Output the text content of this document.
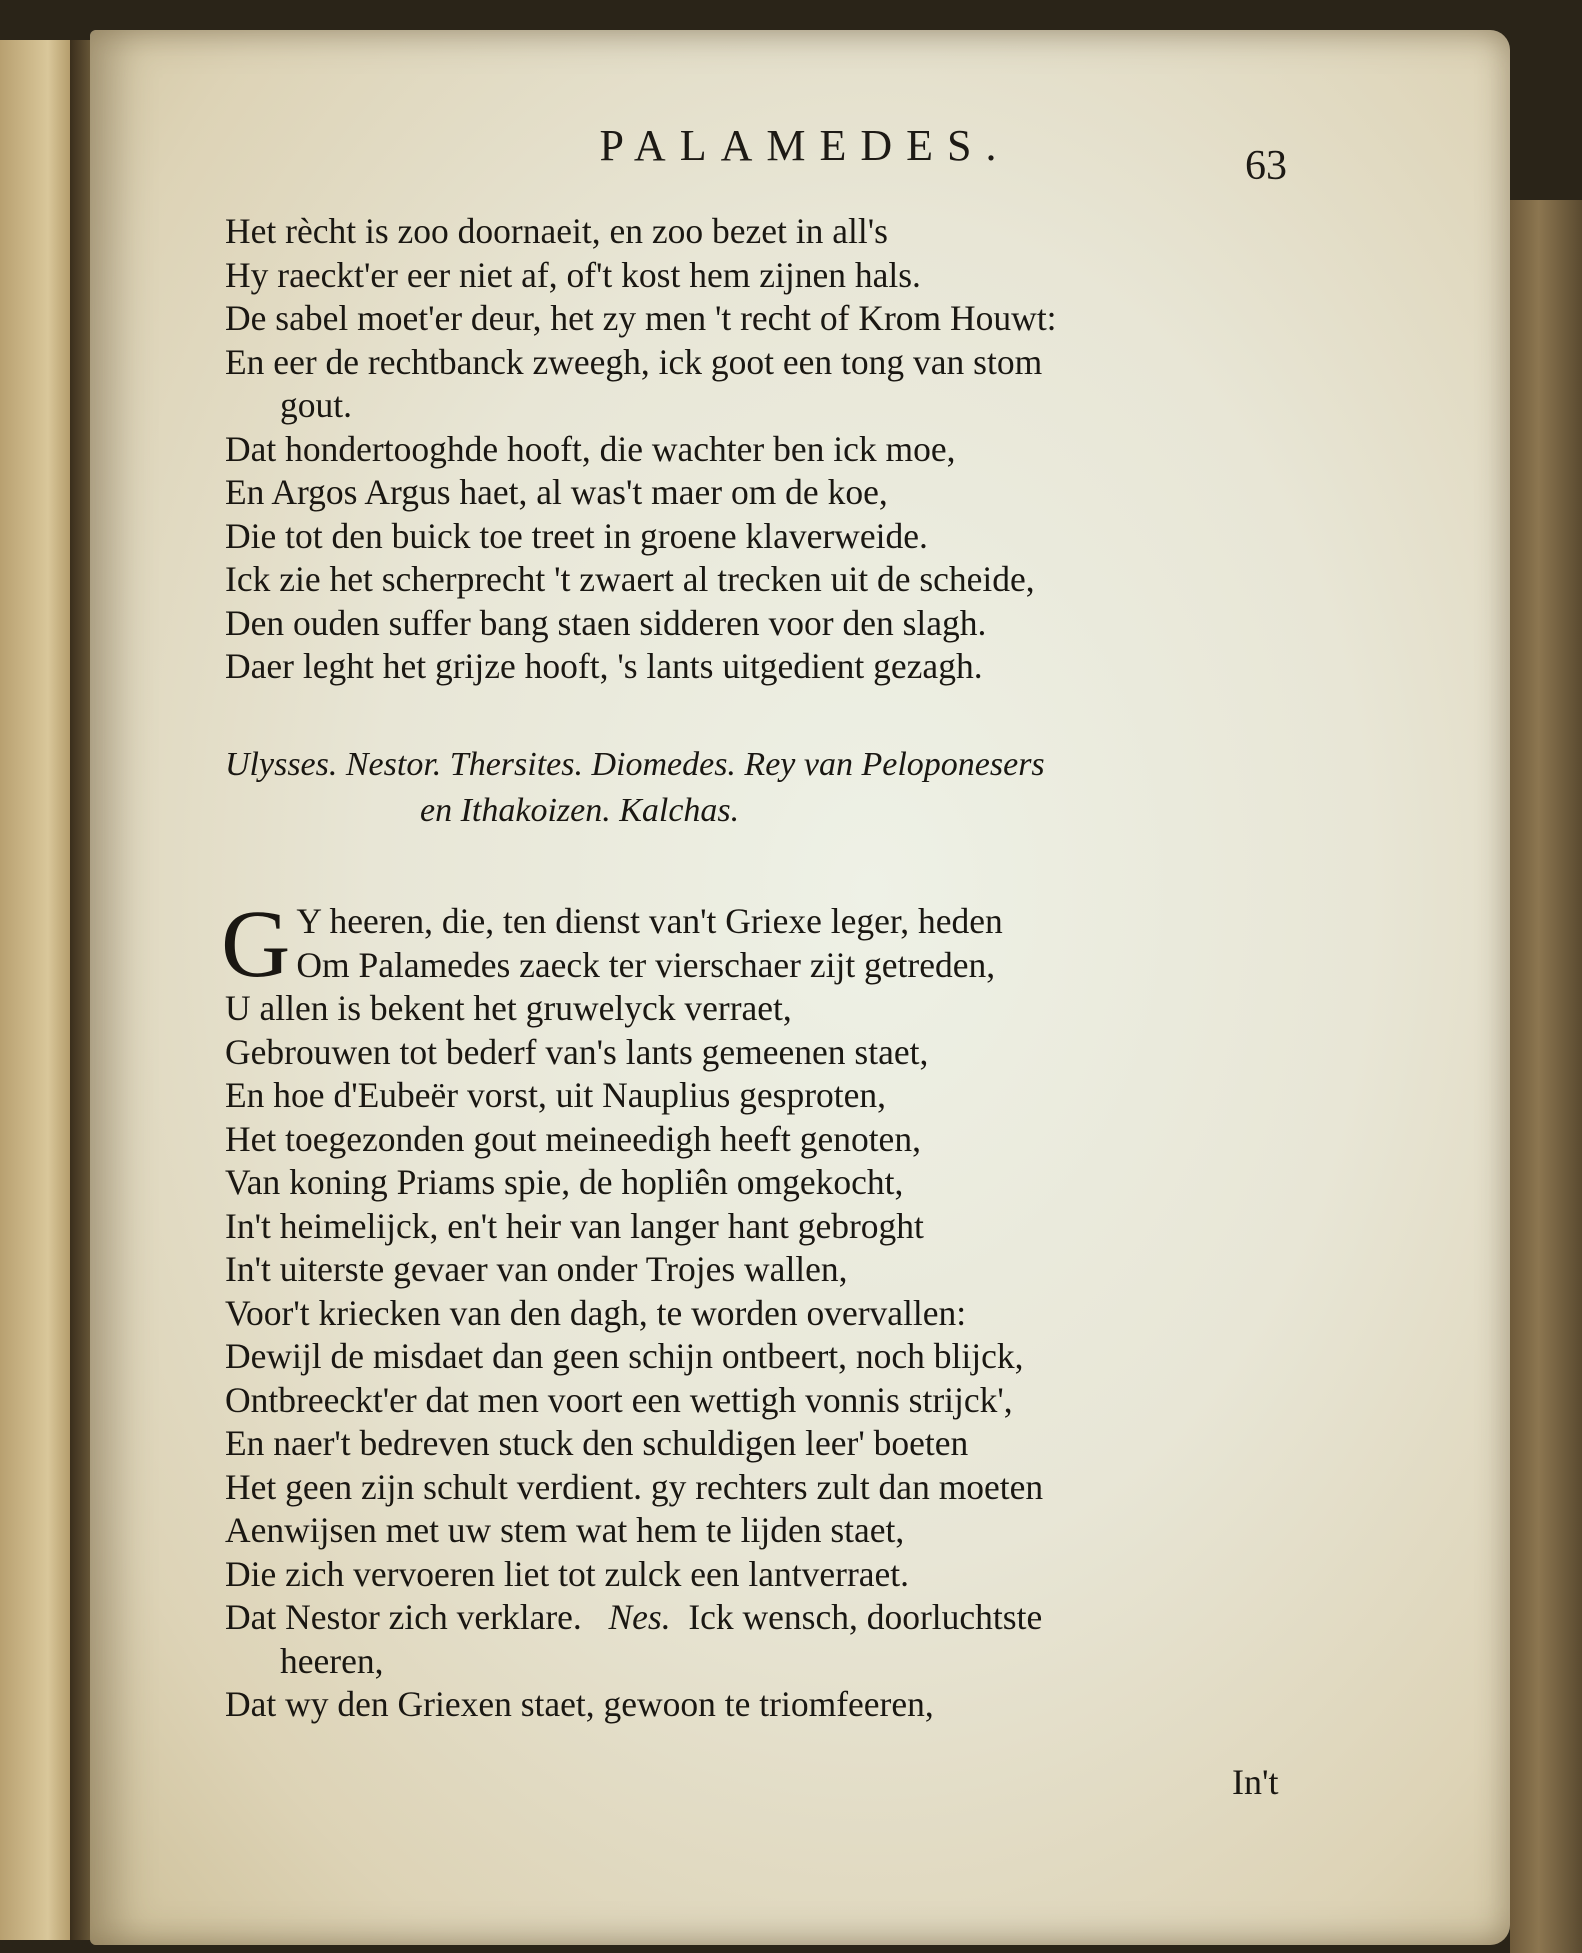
PALAMEDES.	63
Het rècht is zoo doornaeit, en zoo bezet in all's
Hy raeckt'er eer niet af, of't kost hem zijnen hals.
De sabel moet'er deur, het zy men 't recht of Krom Houwt:
En eer de rechtbanck zweegh, ick goot een tong van stom
gout.
Dat hondertooghde hooft, die wachter ben ick moe,
En Argos Argus haet, al was't maer om de koe,
Die tot den buick toe treet in groene klaverweide.
Ick zie het scherprecht 't zwaert al trecken uit de scheide,
Den ouden suffer bang staen sidderen voor den slagh.
Daer leght het grijze hooft, 's lants uitgedient gezagh.
Ulysses. Nestor. Thersites. Diomedes. Rey van Peloponesers
en Ithakoizen. Kalchas.
G Y heeren, die, ten dienst van't Griexe leger, heden
Om Palamedes zaeck ter vierschaer zijt getreden,
U allen is bekent het gruwelyck verraet,
Gebrouwen tot bederf van's lants gemeenen staet,
En hoe d'Eubeër vorst, uit Nauplius gesproten,
Het toegezonden gout meineedigh heeft genoten,
Van koning Priams spie, de hopliên omgekocht,
In't heimelijck, en't heir van langer hant gebroght
In't uiterste gevaer van onder Trojes wallen,
Voor't kriecken van den dagh, te worden overvallen:
Dewijl de misdaet dan geen schijn ontbeert, noch blijck,
Ontbreeckt'er dat men voort een wettigh vonnis strijck',
En naer't bedreven stuck den schuldigen leer' boeten
Het geen zijn schult verdient. gy rechters zult dan moeten
Aenwijsen met uw stem wat hem te lijden staet,
Die zich vervoeren liet tot zulck een lantverraet.
Dat Nestor zich verklare. Nes. Ick wensch, doorluchtste
heeren,
Dat wy den Griexen staet, gewoon te triomfeeren,
In't
